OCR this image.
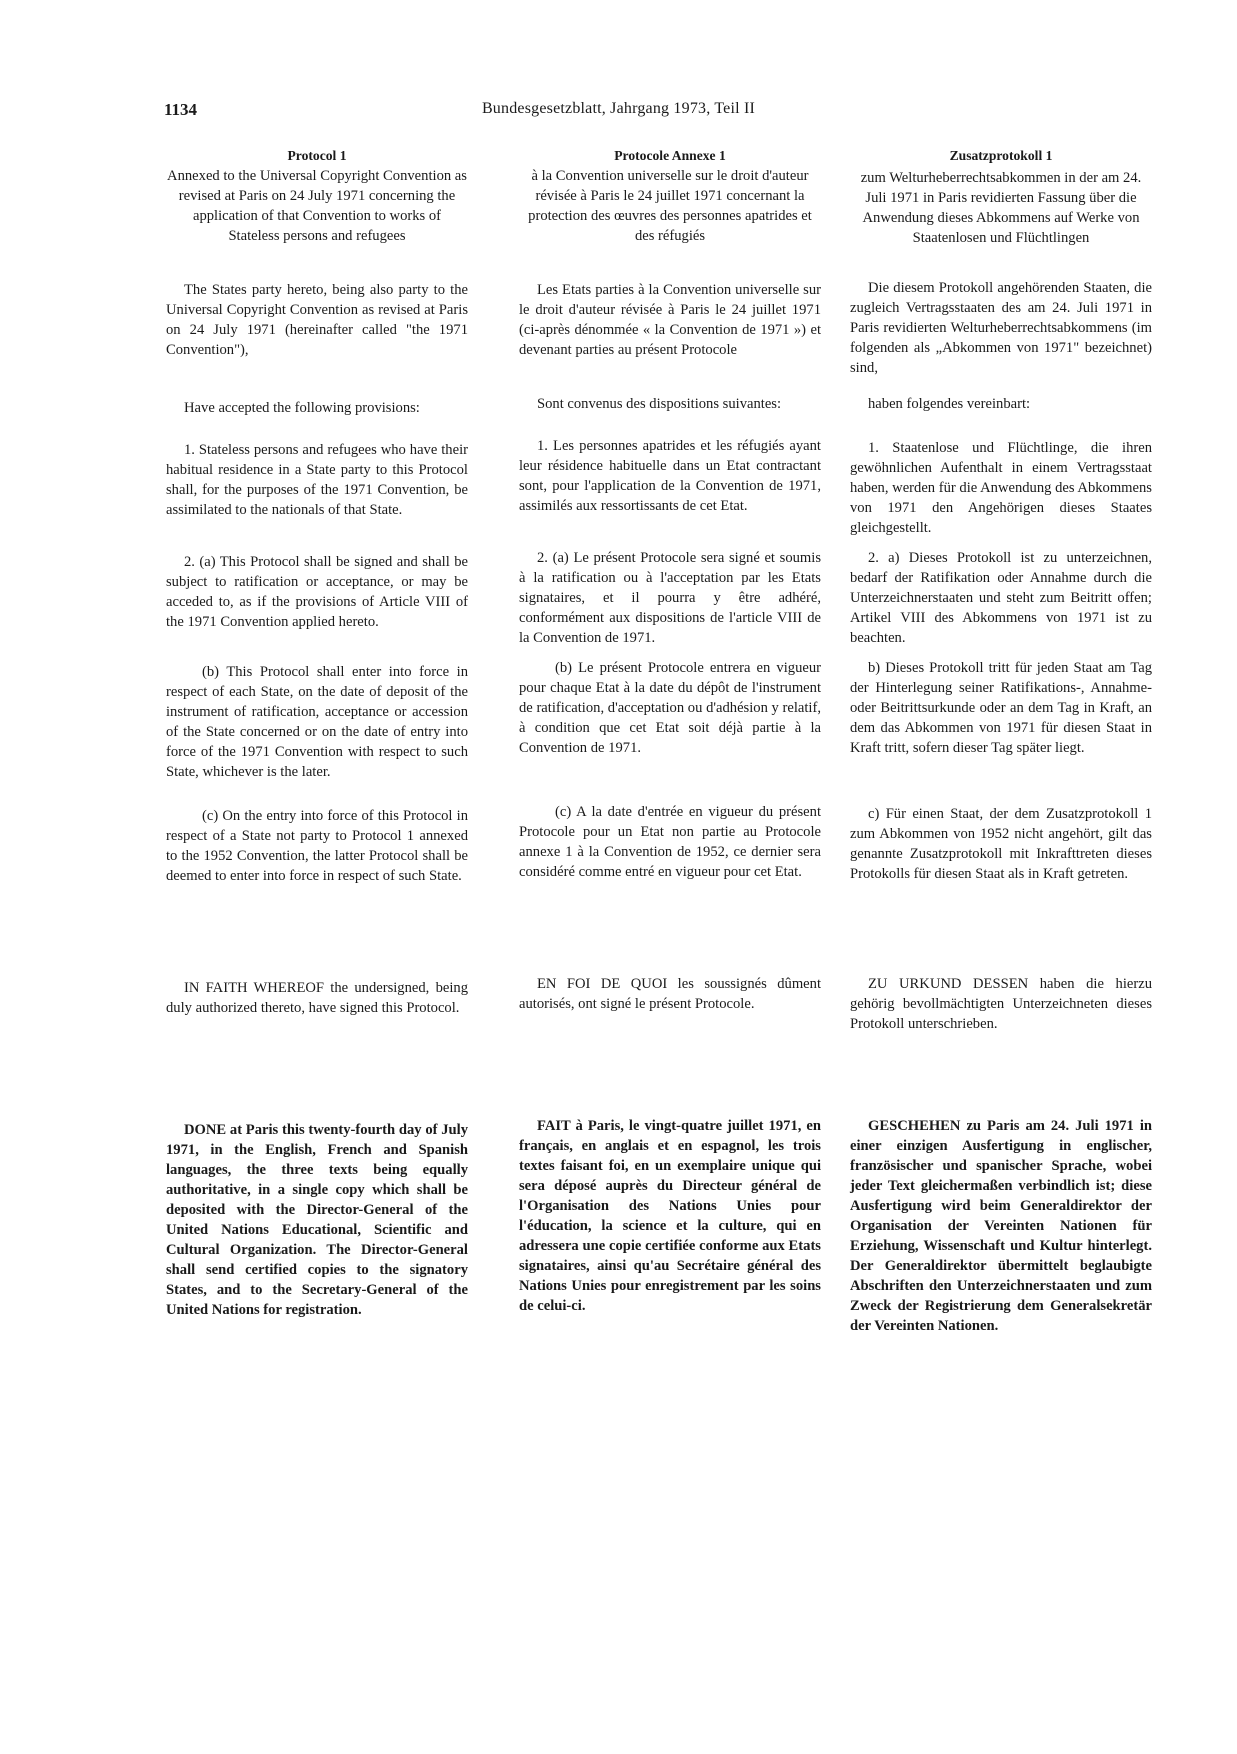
1134	Bundesgesetzblatt, Jahrgang 1973, Teil II

Protocol 1

Annexed to the Universal Copyright Convention as revised at Paris on 24 July 1971 concerning the application of that Convention to works of Stateless persons and refugees

The States party hereto, being also party to the Universal Copyright Convention as revised at Paris on 24 July 1971 (hereinafter called "the 1971 Convention"),

Have accepted the following provisions:

1. Stateless persons and refugees who have their habitual residence in a State party to this Protocol shall, for the purposes of the 1971 Convention, be assimilated to the nationals of that State.

2. (a) This Protocol shall be signed and shall be subject to ratification or acceptance, or may be acceded to, as if the provisions of Article VIII of the 1971 Convention applied hereto.

(b) This Protocol shall enter into force in respect of each State, on the date of deposit of the instrument of ratification, acceptance or accession of the State concerned or on the date of entry into force of the 1971 Convention with respect to such State, whichever is the later.

(c) On the entry into force of this Protocol in respect of a State not party to Protocol 1 annexed to the 1952 Convention, the latter Protocol shall be deemed to enter into force in respect of such State.

IN FAITH WHEREOF the undersigned, being duly authorized thereto, have signed this Protocol.

DONE at Paris this twenty-fourth day of July 1971, in the English, French and Spanish languages, the three texts being equally authoritative, in a single copy which shall be deposited with the Director-General of the United Nations Educational, Scientific and Cultural Organization. The Director-General shall send certified copies to the signatory States, and to the Secretary-General of the United Nations for registration.

Protocole Annexe 1

à la Convention universelle sur le droit d'auteur révisée à Paris le 24 juillet 1971 concernant la protection des œuvres des personnes apatrides et des réfugiés

Les Etats parties à la Convention universelle sur le droit d'auteur révisée à Paris le 24 juillet 1971 (ci-après dénommée « la Convention de 1971 ») et devenant parties au présent Protocole

Sont convenus des dispositions suivantes:

1. Les personnes apatrides et les réfugiés ayant leur résidence habituelle dans un Etat contractant sont, pour l'application de la Convention de 1971, assimilés aux ressortissants de cet Etat.

2. (a) Le présent Protocole sera signé et soumis à la ratification ou à l'acceptation par les Etats signataires, et il pourra y être adhéré, conformément aux dispositions de l'article VIII de la Convention de 1971.

(b) Le présent Protocole entrera en vigueur pour chaque Etat à la date du dépôt de l'instrument de ratification, d'acceptation ou d'adhésion y relatif, à condition que cet Etat soit déjà partie à la Convention de 1971.

(c) A la date d'entrée en vigueur du présent Protocole pour un Etat non partie au Protocole annexe 1 à la Convention de 1952, ce dernier sera considéré comme entré en vigueur pour cet Etat.

EN FOI DE QUOI les soussignés dûment autorisés, ont signé le présent Protocole.

FAIT à Paris, le vingt-quatre juillet 1971, en français, en anglais et en espagnol, les trois textes faisant foi, en un exemplaire unique qui sera déposé auprès du Directeur général de l'Organisation des Nations Unies pour l'éducation, la science et la culture, qui en adressera une copie certifiée conforme aux Etats signataires, ainsi qu'au Secrétaire général des Nations Unies pour enregistrement par les soins de celui-ci.

Zusatzprotokoll 1

zum Welturheberrechtsabkommen in der am 24. Juli 1971 in Paris revidierten Fassung über die Anwendung dieses Abkommens auf Werke von Staatenlosen und Flüchtlingen

Die diesem Protokoll angehörenden Staaten, die zugleich Vertragsstaaten des am 24. Juli 1971 in Paris revidierten Welturheberrechtsabkommens (im folgenden als „Abkommen von 1971" bezeichnet) sind,

haben folgendes vereinbart:

1. Staatenlose und Flüchtlinge, die ihren gewöhnlichen Aufenthalt in einem Vertragsstaat haben, werden für die Anwendung des Abkommens von 1971 den Angehörigen dieses Staates gleichgestellt.

2. a) Dieses Protokoll ist zu unterzeichnen, bedarf der Ratifikation oder Annahme durch die Unterzeichnerstaaten und steht zum Beitritt offen; Artikel VIII des Abkommens von 1971 ist zu beachten.

b) Dieses Protokoll tritt für jeden Staat am Tag der Hinterlegung seiner Ratifikations-, Annahme- oder Beitrittsurkunde oder an dem Tag in Kraft, an dem das Abkommen von 1971 für diesen Staat in Kraft tritt, sofern dieser Tag später liegt.

c) Für einen Staat, der dem Zusatzprotokoll 1 zum Abkommen von 1952 nicht angehört, gilt das genannte Zusatzprotokoll mit Inkrafttreten dieses Protokolls für diesen Staat als in Kraft getreten.

ZU URKUND DESSEN haben die hierzu gehörig bevollmächtigten Unterzeichneten dieses Protokoll unterschrieben.

GESCHEHEN zu Paris am 24. Juli 1971 in einer einzigen Ausfertigung in englischer, französischer und spanischer Sprache, wobei jeder Text gleichermaßen verbindlich ist; diese Ausfertigung wird beim Generaldirektor der Organisation der Vereinten Nationen für Erziehung, Wissenschaft und Kultur hinterlegt. Der Generaldirektor übermittelt beglaubigte Abschriften den Unterzeichnerstaaten und zum Zweck der Registrierung dem Generalsekretär der Vereinten Nationen.
